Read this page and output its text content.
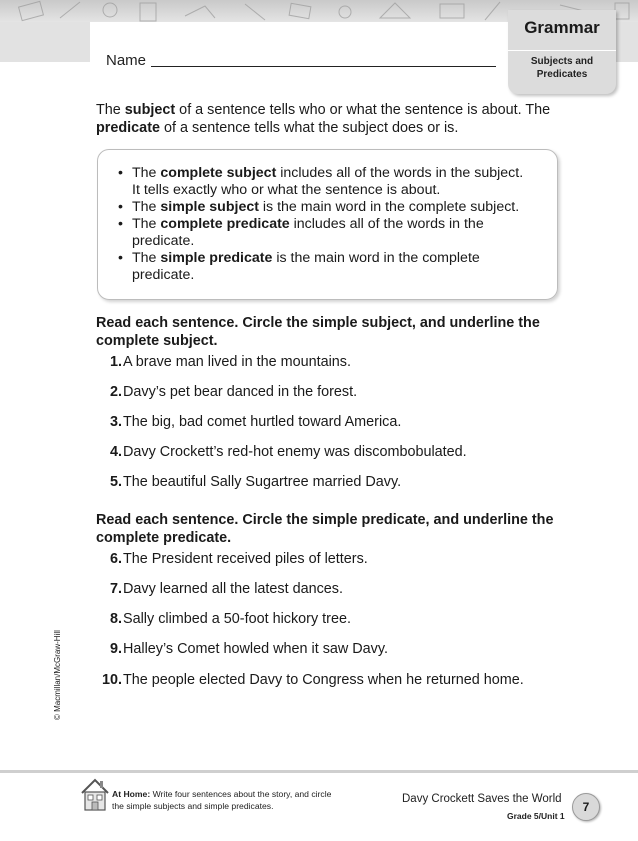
Grammar
Subjects and Predicates
Name
The subject of a sentence tells who or what the sentence is about. The
predicate of a sentence tells what the subject does or is.
• The complete subject includes all of the words in the subject.
It tells exactly who or what the sentence is about.
• The simple subject is the main word in the complete subject.
• The complete predicate includes all of the words in the
predicate.
• The simple predicate is the main word in the complete
predicate.
Read each sentence. Circle the simple subject, and underline the
complete subject.
1. A brave man lived in the mountains.
2. Davy’s pet bear danced in the forest.
3. The big, bad comet hurtled toward America.
4. Davy Crockett’s red-hot enemy was discombobulated.
5. The beautiful Sally Sugartree married Davy.
Read each sentence. Circle the simple predicate, and underline the
complete predicate.
6. The President received piles of letters.
7. Davy learned all the latest dances.
8. Sally climbed a 50-foot hickory tree.
9. Halley’s Comet howled when it saw Davy.
10. The people elected Davy to Congress when he returned home.
© Macmillan/McGraw-Hill
At Home: Write four sentences about the story, and circle
the simple subjects and simple predicates.
Davy Crockett Saves the World
Grade 5/Unit 1
7
